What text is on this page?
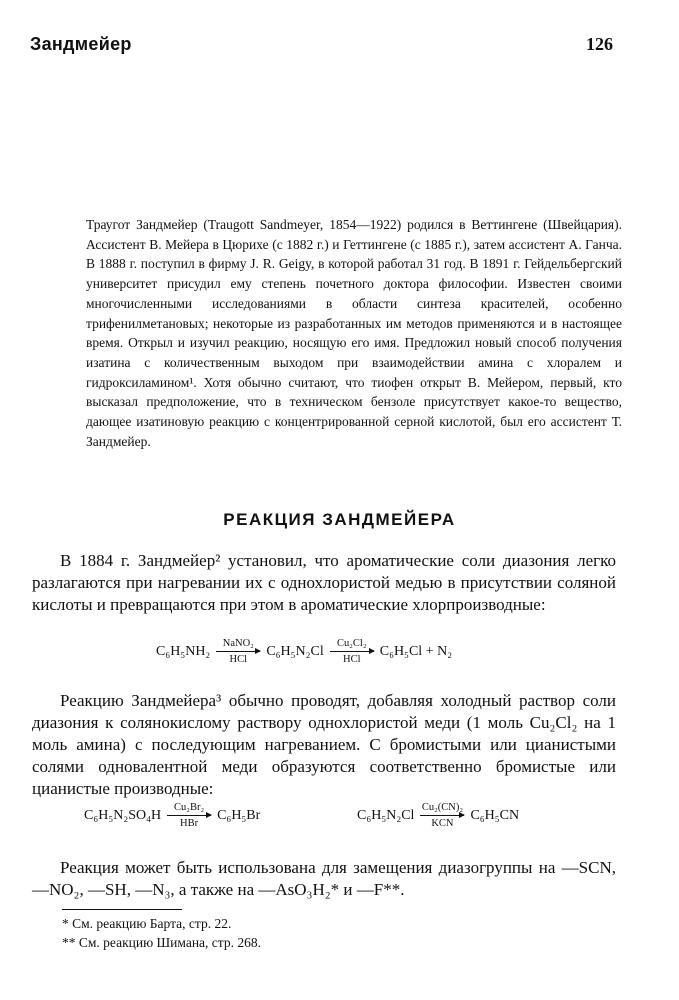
Зандмейер	126

Траугот Зандмейер (Traugott Sandmeyer, 1854—1922) родился в Веттингене (Швейцария). Ассистент В. Мейера в Цюрихе (с 1882 г.) и Геттингене (с 1885 г.), затем ассистент А. Ганча. В 1888 г. поступил в фирму J. R. Geigy, в которой работал 31 год. В 1891 г. Гейдельбергский университет присудил ему степень почетного доктора философии. Известен своими многочисленными исследованиями в области синтеза красителей, особенно трифенилметановых; некоторые из разработанных им методов применяются и в настоящее время. Открыл и изучил реакцию, носящую его имя. Предложил новый способ получения изатина с количественным выходом при взаимодействии амина с хлоралем и гидроксиламином¹. Хотя обычно считают, что тиофен открыт В. Мейером, первый, кто высказал предположение, что в техническом бензоле присутствует какое-то вещество, дающее изатиновую реакцию с концентрированной серной кислотой, был его ассистент Т. Зандмейер.

РЕАКЦИЯ ЗАНДМЕЙЕРА
В 1884 г. Зандмейер² установил, что ароматические соли диазония легко разлагаются при нагревании их с однохлористой медью в присутствии соляной кислоты и превращаются при этом в ароматические хлорпроизводные:
C₆H₅NH₂ NaNO₂
HCl
C₆H₅N₂Cl Cu₂Cl₂
HCl
C₆H₅Cl + N₂
Реакцию Зандмейера³ обычно проводят, добавляя холодный раствор соли диазония к солянокислому раствору однохлористой меди (1 моль Cu₂Cl₂ на 1 моль амина) с последующим нагреванием. С бромистыми или цианистыми солями одновалентной меди образуются соответственно бромистые или цианистые производные:
C₆H₅N₂SO₄H Cu₂Br₂
HBr
C₆H₅Br	C₆H₅N₂Cl Cu₂(CN)₂
KCN
C₆H₅CN
Реакция может быть использована для замещения диазогруппы на —SCN, —NO₂, —SH, —N₃, а также на —AsO₃H₂* и —F**.
* См. реакцию Барта, стр. 22.
** См. реакцию Шимана, стр. 268.
